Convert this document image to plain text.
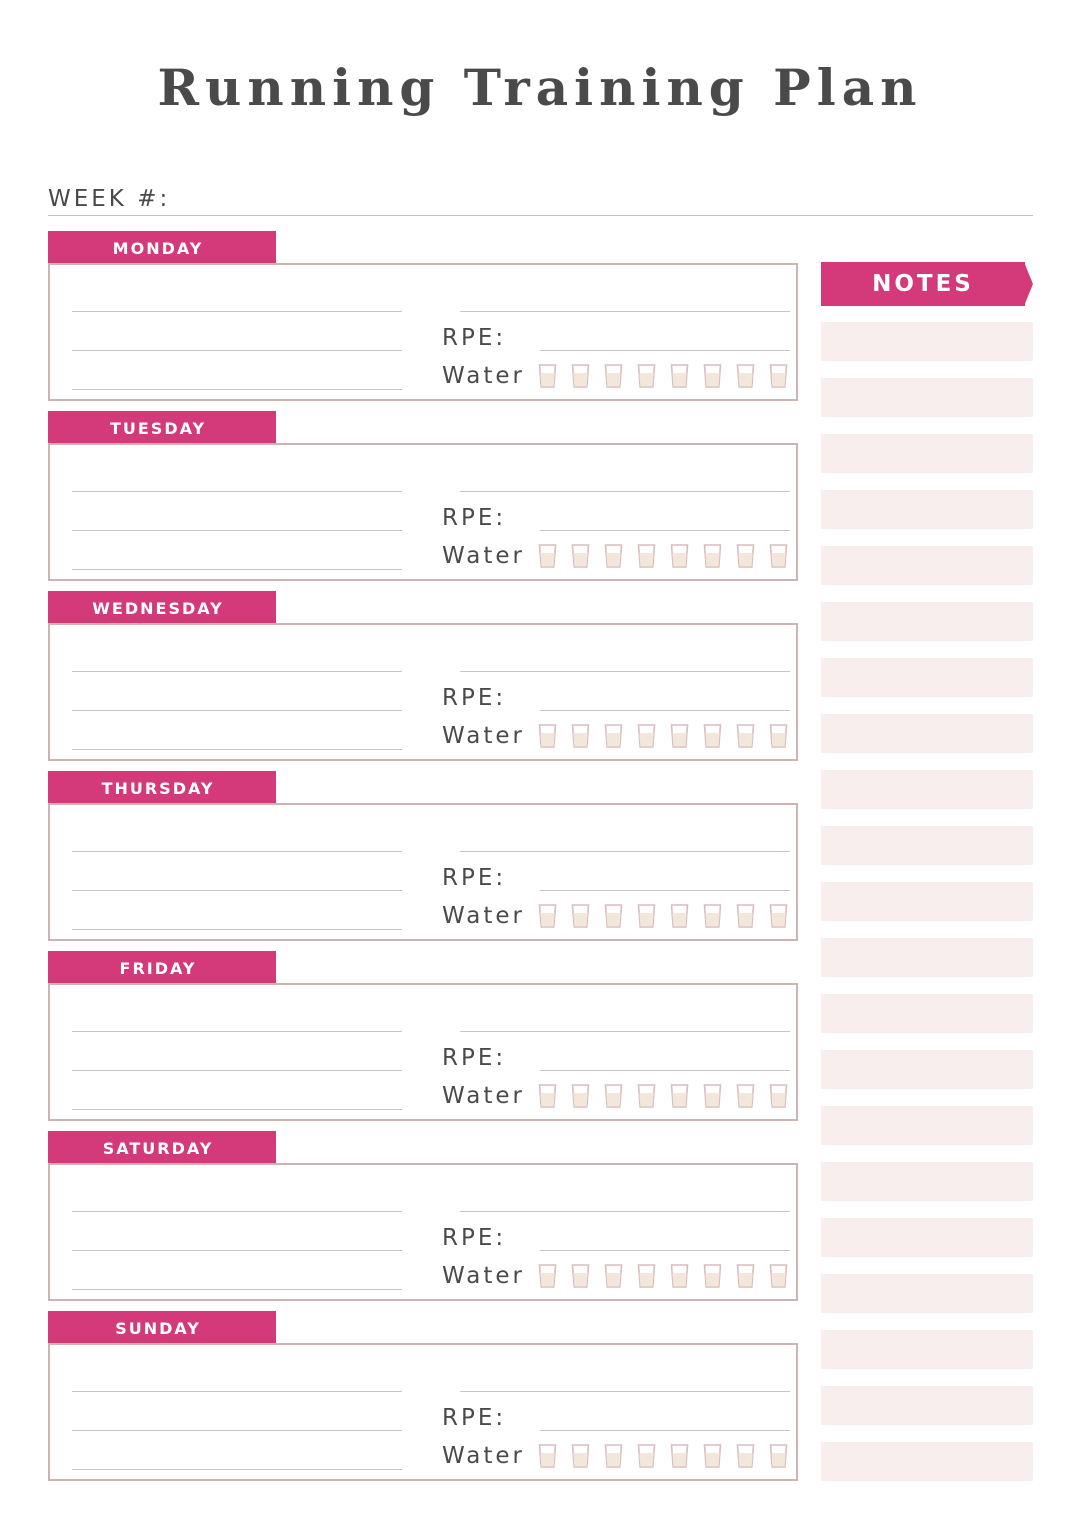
Running Training Plan
WEEK #:
MONDAY
RPE:
Water
TUESDAY
RPE:
Water
WEDNESDAY
RPE:
Water
THURSDAY
RPE:
Water
FRIDAY
RPE:
Water
SATURDAY
RPE:
Water
SUNDAY
RPE:
Water
NOTES
